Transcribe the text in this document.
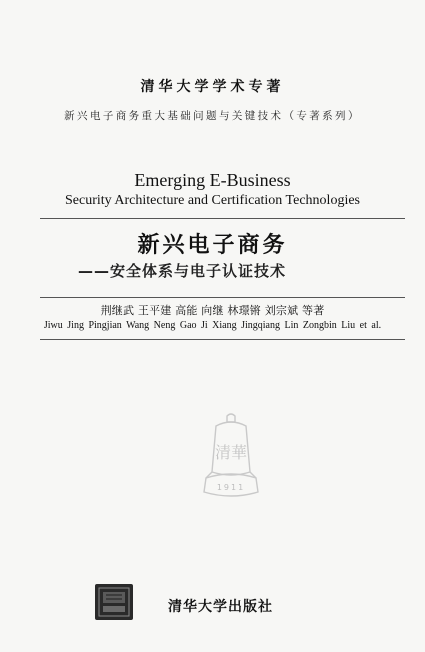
清华大学学术专著
新兴电子商务重大基础问题与关键技术（专著系列）
Emerging E-Business
Security Architecture and Certification Technologies
新兴电子商务
——安全体系与电子认证技术
荆继武 王平建 高能 向继 林璟锵 刘宗斌 等著
Jiwu Jing Pingjian Wang Neng Gao Ji Xiang Jingqiang Lin Zongbin Liu et al.
清華
1911
清华大学出版社
